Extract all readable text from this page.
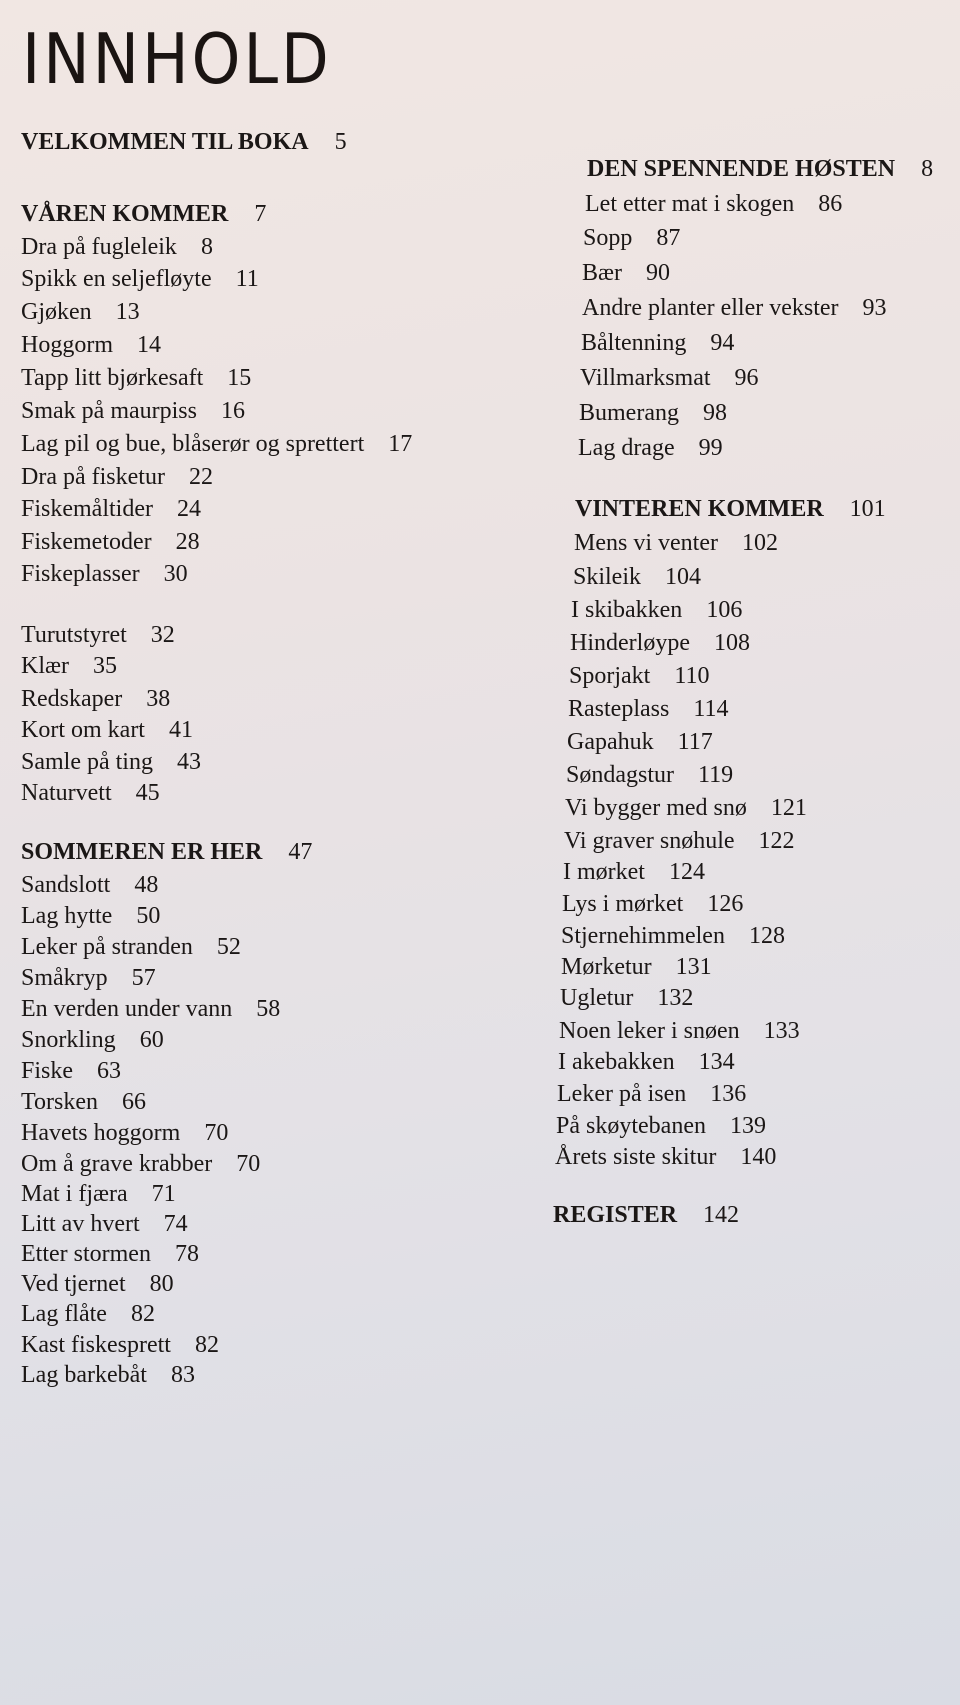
INNHOLD
VELKOMMEN TIL BOKA 5
VÅREN KOMMER 7
Dra på fugleleik 8
Spikk en seljefløyte 11
Gjøken 13
Hoggorm 14
Tapp litt bjørkesaft 15
Smak på maurpiss 16
Lag pil og bue, blåserør og sprettert 17
Dra på fisketur 22
Fiskemåltider 24
Fiskemetoder 28
Fiskeplasser 30
Turutstyret 32
Klær 35
Redskaper 38
Kort om kart 41
Samle på ting 43
Naturvett 45
SOMMEREN ER HER 47
Sandslott 48
Lag hytte 50
Leker på stranden 52
Småkryp 57
En verden under vann 58
Snorkling 60
Fiske 63
Torsken 66
Havets hoggorm 70
Om å grave krabber 70
Mat i fjæra 71
Litt av hvert 74
Etter stormen 78
Ved tjernet 80
Lag flåte 82
Kast fiskesprett 82
Lag barkebåt 83
DEN SPENNENDE HØSTEN 8
Let etter mat i skogen 86
Sopp 87
Bær 90
Andre planter eller vekster 93
Båltenning 94
Villmarksmat 96
Bumerang 98
Lag drage 99
VINTEREN KOMMER 101
Mens vi venter 102
Skileik 104
I skibakken 106
Hinderløype 108
Sporjakt 110
Rasteplass 114
Gapahuk 117
Søndagstur 119
Vi bygger med snø 121
Vi graver snøhule 122
I mørket 124
Lys i mørket 126
Stjernehimmelen 128
Mørketur 131
Ugletur 132
Noen leker i snøen 133
I akebakken 134
Leker på isen 136
På skøytebanen 139
Årets siste skitur 140
REGISTER 142
